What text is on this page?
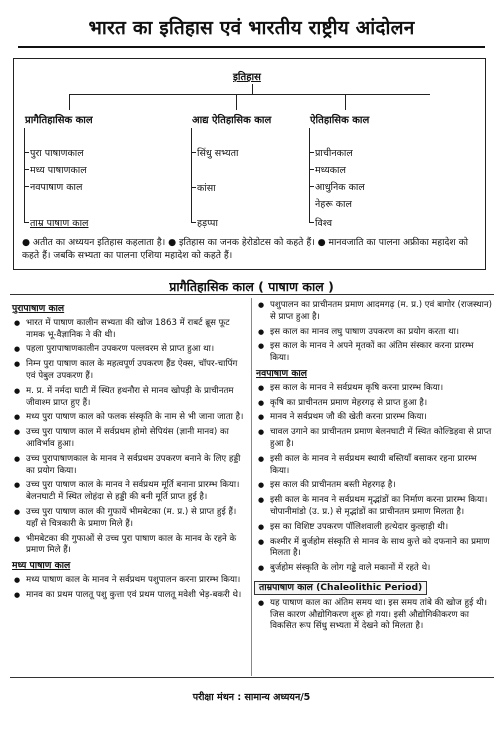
भारत का इतिहास एवं भारतीय राष्ट्रीय आंदोलन
इतिहास
प्रागैतिहासिक काल	आद्य ऐतिहासिक काल	ऐतिहासिक काल
पुरा पाषाणकाल
मध्य पाषाणकाल
नवपाषाण काल
ताम्र पाषाण काल
सिंधु सभ्यता
कांसा
हड़प्पा
प्राचीनकाल
मध्यकाल
आधुनिक काल
नेहरू काल
विश्व
● अतीत का अध्ययन इतिहास कहलाता है। ● इतिहास का जनक हेरोडोटस को कहते हैं। ● मानवजाति का पालना अफ्रीका महादेश को कहते हैं। जबकि सभ्यता का पालना एशिया महादेश को कहते हैं।
प्रागैतिहासिक काल ( पाषाण काल )
पुरापाषाण काल
● भारत में पाषाण कालीन सभ्यता की खोज 1863 में राबर्ट ब्रूस फूट नामक भू-वैज्ञानिक ने की थी।
● पहला पुरापाषाणकालीन उपकरण पल्लवरम से प्राप्त हुआ था।
● निम्न पुरा पाषाण काल के महत्वपूर्ण उपकरण हैंड ऐक्स, चॉपर-चापिंग एवं पेबुल उपकरण हैं।
● म. प्र. में नर्मदा घाटी में स्थित हथनौरा से मानव खोपड़ी के प्राचीनतम जीवाश्म प्राप्त हुए हैं।
● मध्य पुरा पाषाण काल को फलक संस्कृति के नाम से भी जाना जाता है।
● उच्च पुरा पाषाण काल में सर्वप्रथम होमो सेपियंस (ज्ञानी मानव) का आविर्भाव हुआ।
● उच्च पुरापाषाणकाल के मानव ने सर्वप्रथम उपकरण बनाने के लिए हड्डी का प्रयोग किया।
● उच्च पुरा पाषाण काल के मानव ने सर्वप्रथम मूर्ति बनाना प्रारम्भ किया। बेलनघाटी में स्थित लोहंदा से हड्डी की बनी मूर्ति प्राप्त हुई है।
● उच्च पुरा पाषाण काल की गुफायें भीमबेटका (म. प्र.) से प्राप्त हुई हैं। यहाँ से चित्रकारी के प्रमाण मिले हैं।
● भीमबेटका की गुफाओं से उच्च पुरा पाषाण काल के मानव के रहने के प्रमाण मिले हैं।
मध्य पाषाण काल
● मध्य पाषाण काल के मानव ने सर्वप्रथम पशुपालन करना प्रारम्भ किया।
● मानव का प्रथम पालतू पशु कुत्ता एवं प्रथम पालतू मवेशी भेड़-बकरी थे।
● पशुपालन का प्राचीनतम प्रमाण आदमगढ़ (म. प्र.) एवं बागोर (राजस्थान) से प्राप्त हुआ है।
● इस काल का मानव लघु पाषाण उपकरण का प्रयोग करता था।
● इस काल के मानव ने अपने मृतकों का अंतिम संस्कार करना प्रारम्भ किया।
नवपाषाण काल
● इस काल के मानव ने सर्वप्रथम कृषि करना प्रारम्भ किया।
● कृषि का प्राचीनतम प्रमाण मेहरगढ़ से प्राप्त हुआ है।
● मानव ने सर्वप्रथम जौ की खेती करना प्रारम्भ किया।
● चावल उगाने का प्राचीनतम प्रमाण बेलनघाटी में स्थित कोल्डिहवा से प्राप्त हुआ है।
● इसी काल के मानव ने सर्वप्रथम स्थायी बस्तियाँ बसाकर रहना प्रारम्भ किया।
● इस काल की प्राचीनतम बस्ती मेहरगढ़ है।
● इसी काल के मानव ने सर्वप्रथम मृद्भांडों का निर्माण करना प्रारम्भ किया। चोपानीमांडो (उ. प्र.) से मृद्भांडों का प्राचीनतम प्रमाण मिलता है।
● इस का विशिष्ट उपकरण पॉलिशवाली हत्थेदार कुल्हाड़ी थी।
● कश्मीर में बुर्जहोम संस्कृति से मानव के साथ कुत्ते को दफनाने का प्रमाण मिलता है।
● बुर्जहोम संस्कृति के लोग गड्ढे वाले मकानों में रहते थे।
ताम्रपाषाण काल (Chaleolithic Period)
● यह पाषाण काल का अंतिम समय था। इस समय तांबे की खोज हुई थी। जिस कारण औद्योगिकरण शुरू हो गया। इसी औद्योगिकीकरण का विकसित रूप सिंधु सभ्यता में देखने को मिलता है।
परीक्षा मंथन : सामान्य अध्ययन/5
